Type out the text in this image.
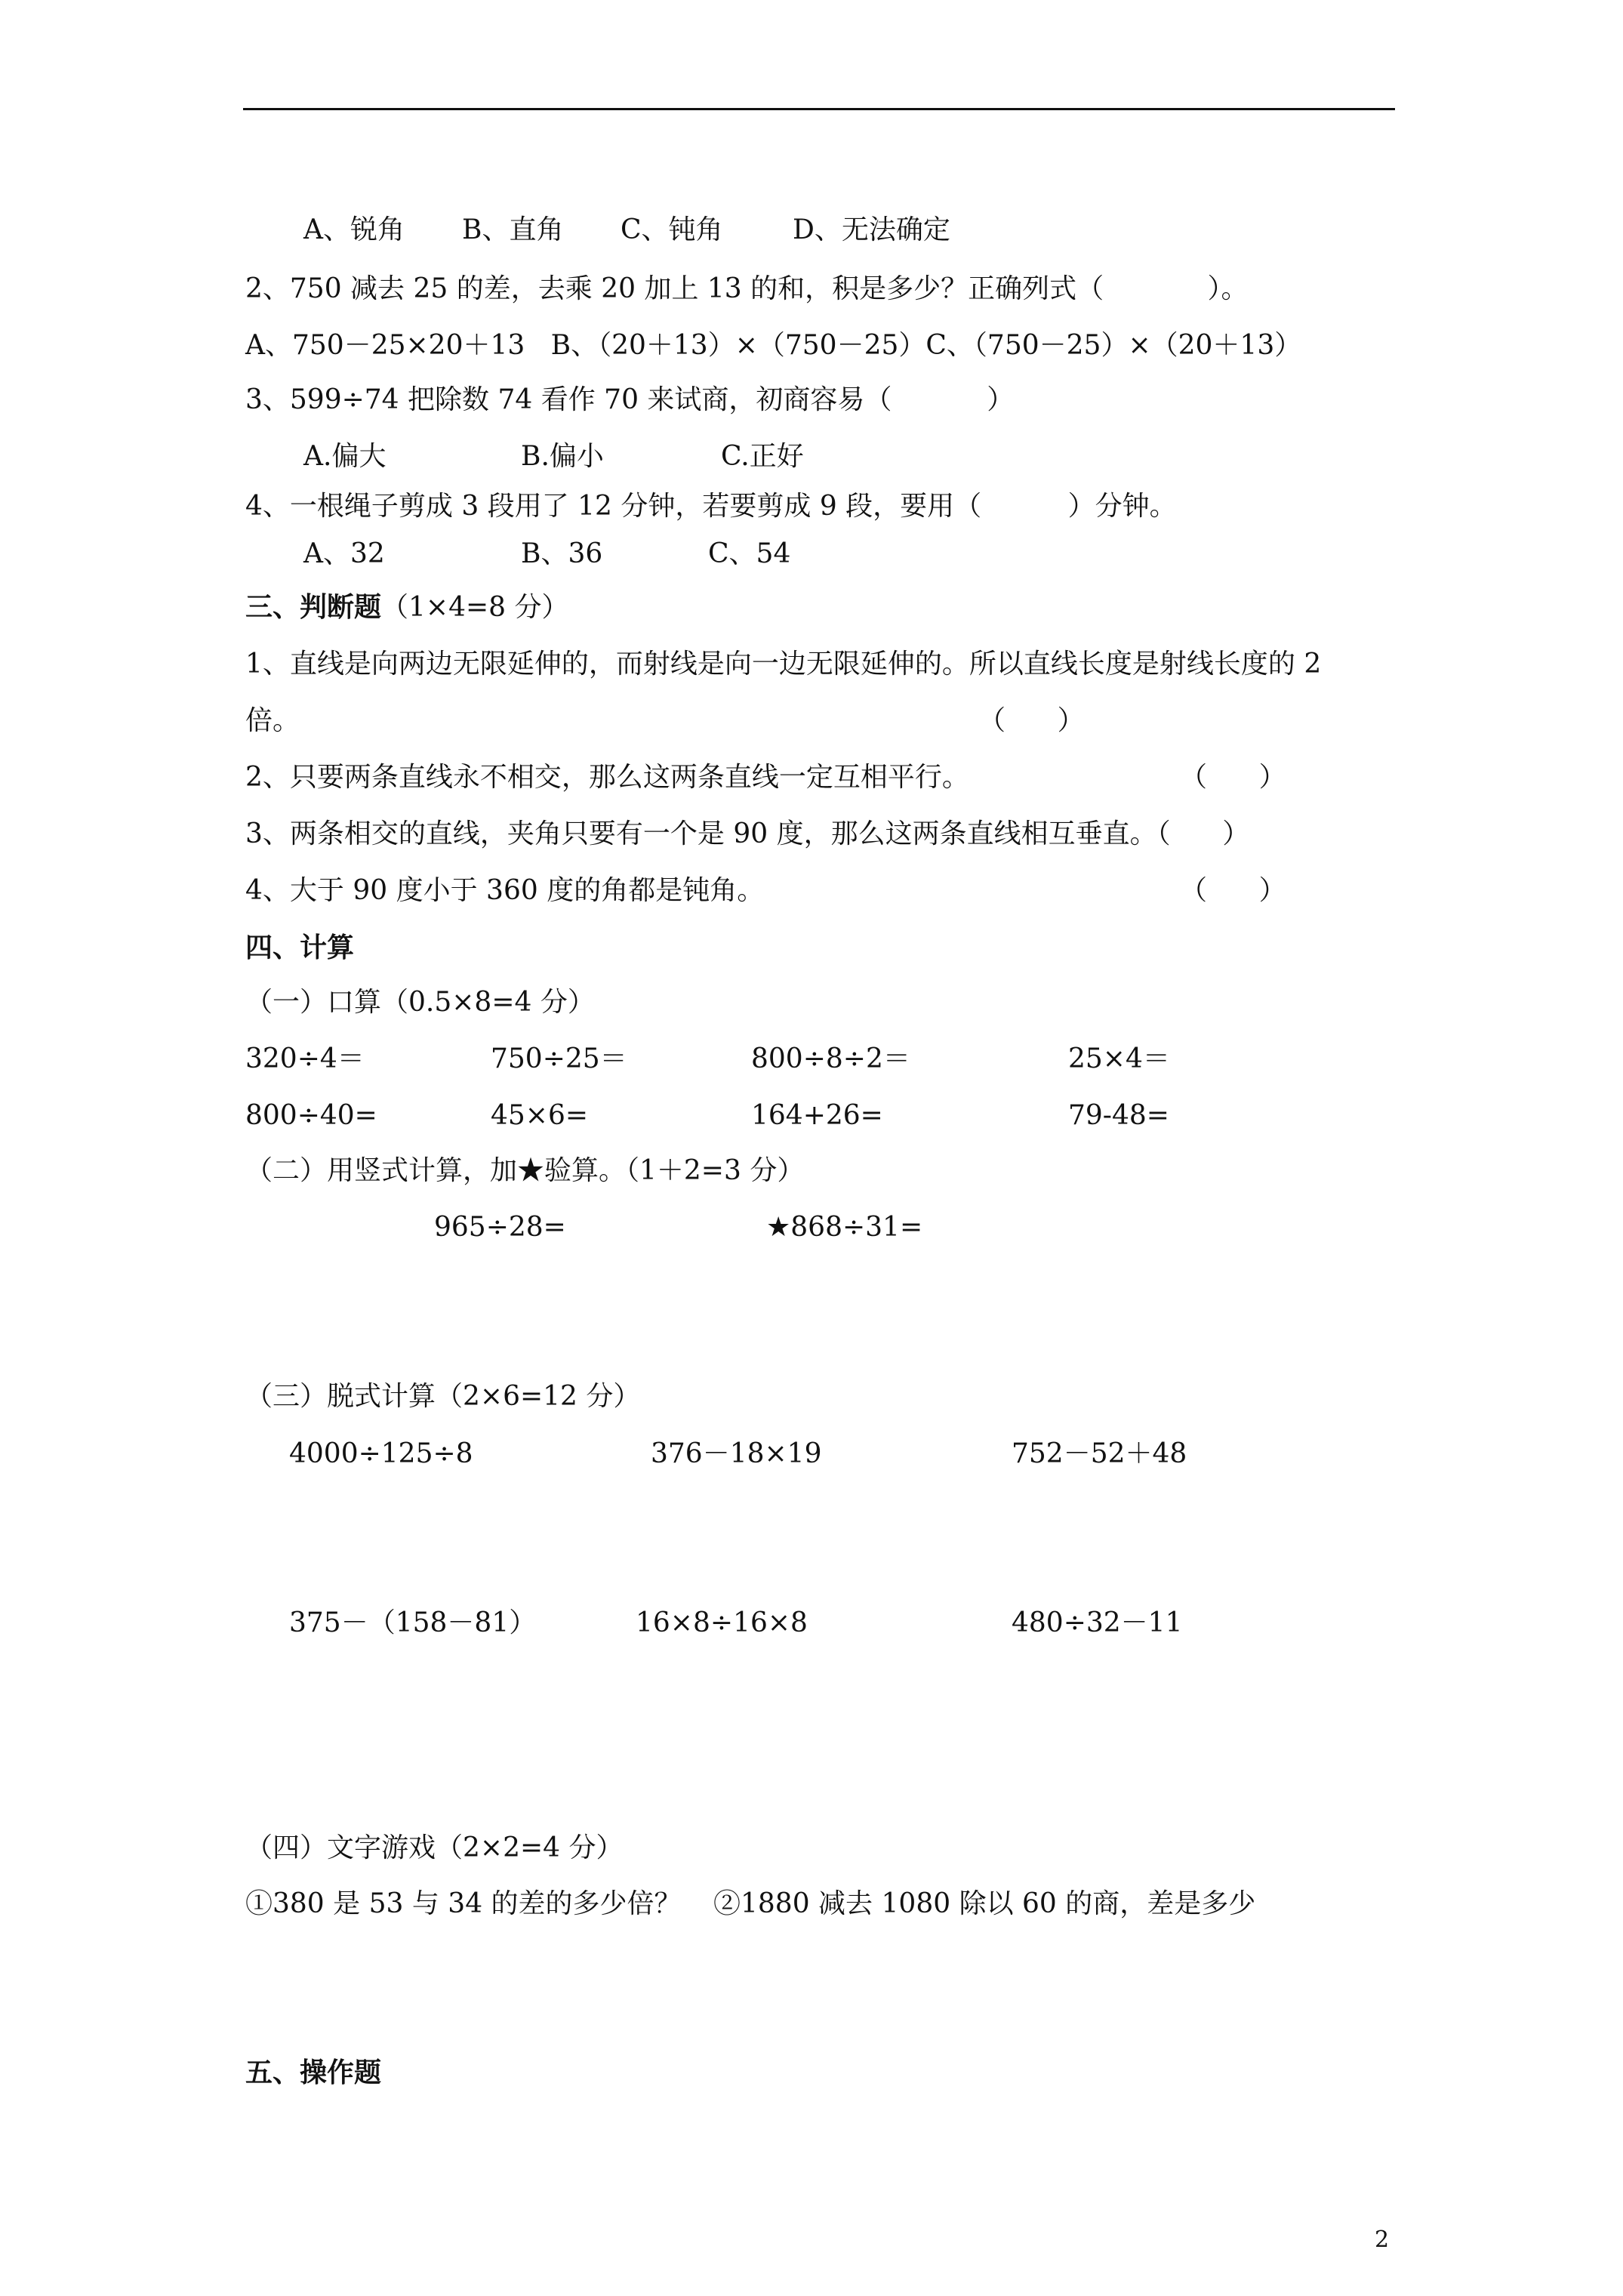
A、锐角 B、直角 C、钝角	D、无法确定
2、750 减去 25 的差，去乘 20 加上 13 的和，积是多少？正确列式（            ）。
A、750－25×20＋13   B、（20＋13）×（750－25）C、（750－25）×（20＋13）
3、599÷74 把除数 74 看作 70 来试商，初商容易（           ）
A.偏大	B.偏小	C.正好
4、一根绳子剪成 3 段用了 12 分钟，若要剪成 9 段，要用（          ）分钟。
A、32	B、36	C、54
三、判断题（1×4=8 分）
1、直线是向两边无限延伸的，而射线是向一边无限延伸的。所以直线长度是射线长度的 2
倍。	（      ）
2、只要两条直线永不相交，那么这两条直线一定互相平行。	（      ）
3、两条相交的直线，夹角只要有一个是 90 度，那么这两条直线相互垂直。（      ）
4、大于 90 度小于 360 度的角都是钝角。	（      ）
四、计算
（一）口算（0.5×8=4 分）
320÷4＝	750÷25＝	800÷8÷2＝	25×4＝
800÷40=	45×6=	164+26=	79-48=
（二）用竖式计算，加★验算。（1＋2=3 分）
965÷28=	★868÷31=
（三）脱式计算（2×6=12 分）
4000÷125÷8	376－18×19	752－52＋48
375－（158－81）	16×8÷16×8	480÷32－11
（四）文字游戏（2×2=4 分）
①380 是 53 与 34 的差的多少倍？ ②1880 减去 1080 除以 60 的商，差是多少
五、操作题
2
